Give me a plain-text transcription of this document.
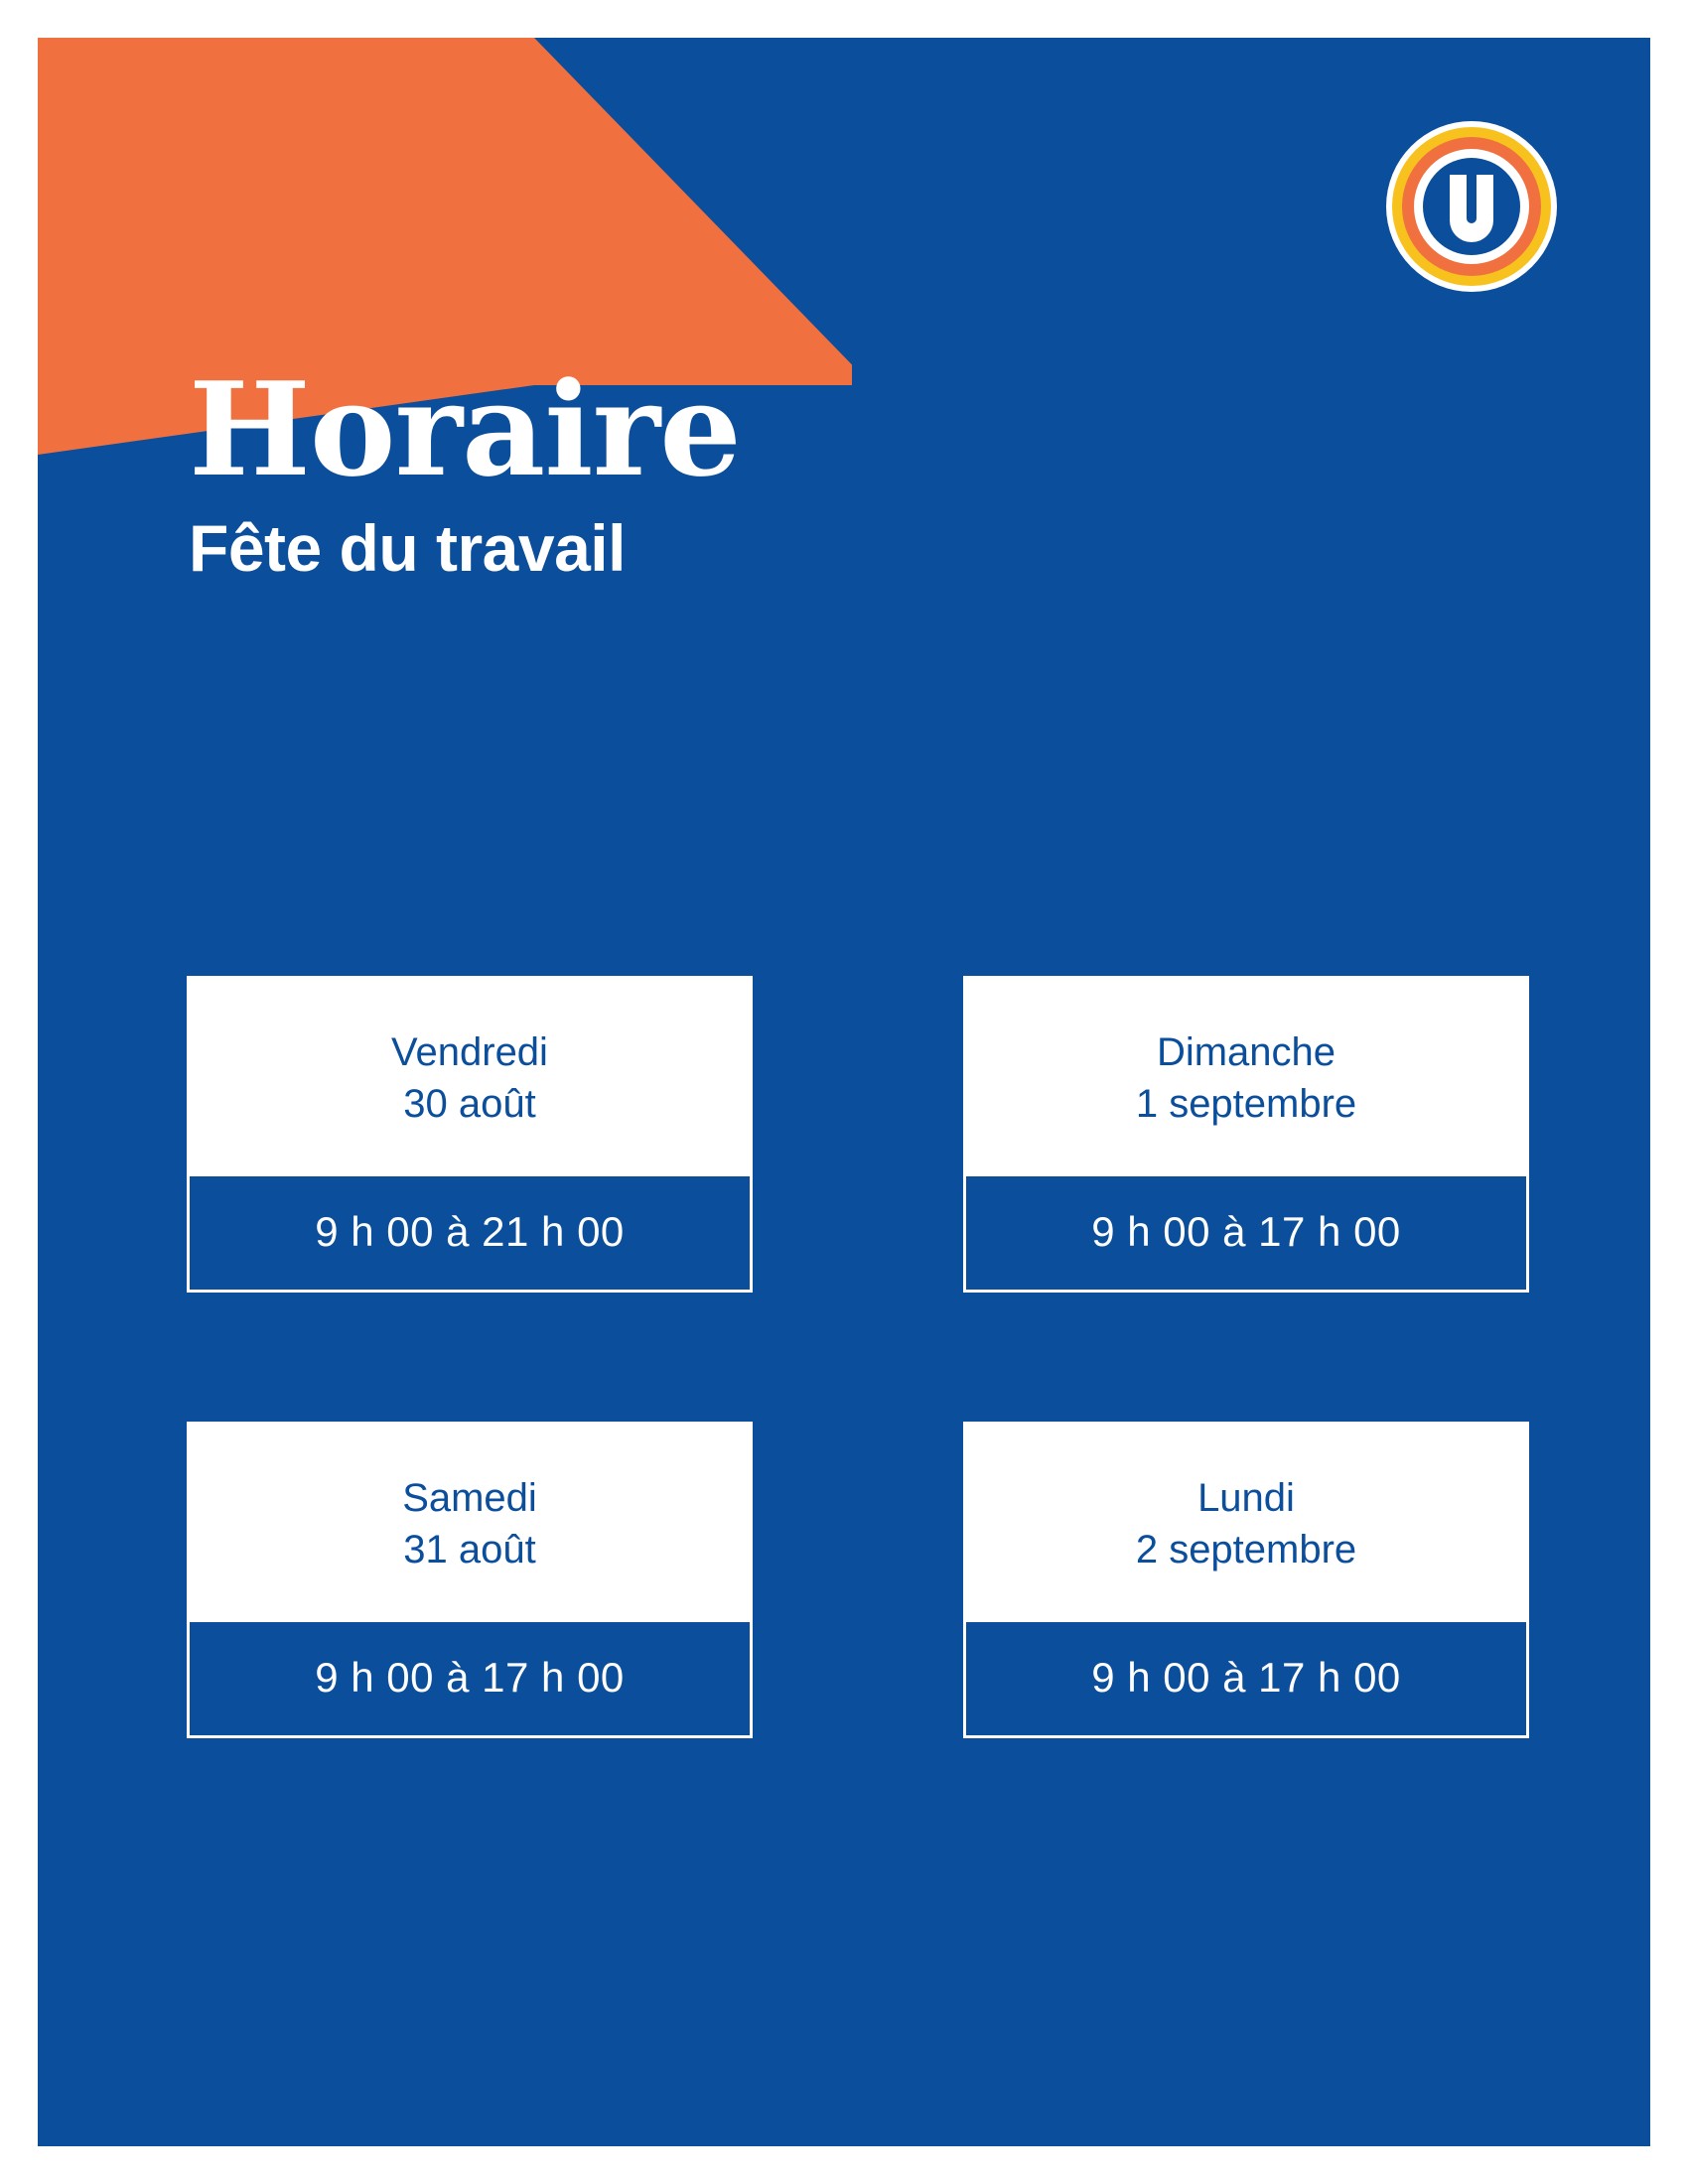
Horaire
Fête du travail
Vendredi
30 août
9 h 00 à 21 h 00
Dimanche
1 septembre
9 h 00 à 17 h 00
Samedi
31 août
9 h 00 à 17 h 00
Lundi
2 septembre
9 h 00 à 17 h 00
